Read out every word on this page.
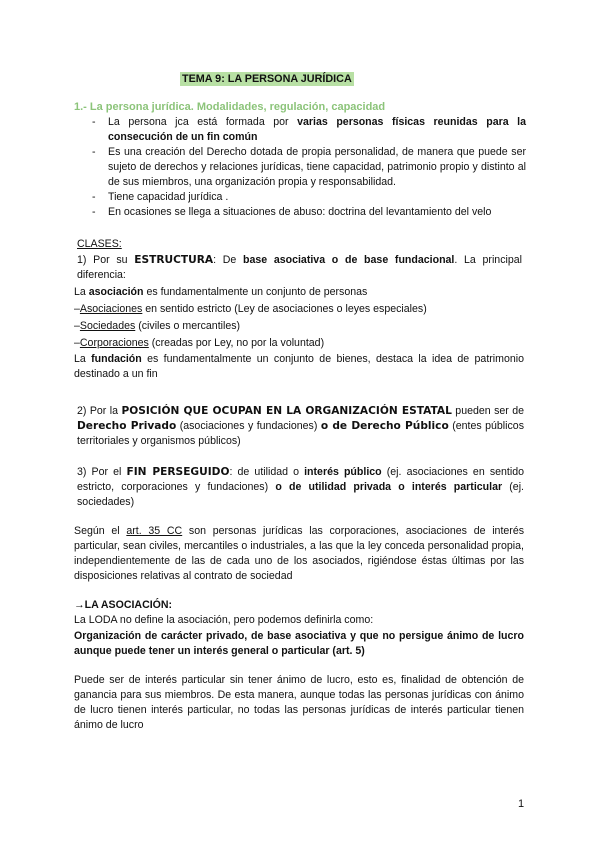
TEMA 9: LA PERSONA JURÍDICA
1.- La persona jurídica. Modalidades, regulación, capacidad
- La persona jca está formada por varias personas físicas reunidas para la consecución de un fin común
- Es una creación del Derecho dotada de propia personalidad, de manera que puede ser sujeto de derechos y relaciones jurídicas, tiene capacidad, patrimonio propio y distinto al de sus miembros, una organización propia y responsabilidad.
- Tiene capacidad jurídica .
- En ocasiones se llega a situaciones de abuso: doctrina del levantamiento del velo
CLASES:
1) Por su ESTRUCTURA: De base asociativa o de base fundacional. La principal diferencia:
La asociación es fundamentalmente un conjunto de personas
–Asociaciones en sentido estricto (Ley de asociaciones o leyes especiales)
–Sociedades (civiles o mercantiles)
–Corporaciones (creadas por Ley, no por la voluntad)
La fundación es fundamentalmente un conjunto de bienes, destaca la idea de patrimonio destinado a un fin
2) Por la POSICIÓN QUE OCUPAN EN LA ORGANIZACIÓN ESTATAL pueden ser de Derecho Privado (asociaciones y fundaciones) o de Derecho Público (entes públicos territoriales y organismos públicos)
3) Por el FIN PERSEGUIDO: de utilidad o interés público (ej. asociaciones en sentido estricto, corporaciones y fundaciones) o de utilidad privada o interés particular (ej. sociedades)
Según el art. 35 CC son personas jurídicas las corporaciones, asociaciones de interés particular, sean civiles, mercantiles o industriales, a las que la ley conceda personalidad propia, independientemente de las de cada uno de los asociados, rigiéndose éstas últimas por las disposiciones relativas al contrato de sociedad
→LA ASOCIACIÓN:
La LODA no define la asociación, pero podemos definirla como:
Organización de carácter privado, de base asociativa y que no persigue ánimo de lucro aunque puede tener un interés general o particular (art. 5)
Puede ser de interés particular sin tener ánimo de lucro, esto es, finalidad de obtención de ganancia para sus miembros. De esta manera, aunque todas las personas jurídicas con ánimo de lucro tienen interés particular, no todas las personas jurídicas de interés particular tienen ánimo de lucro
1
